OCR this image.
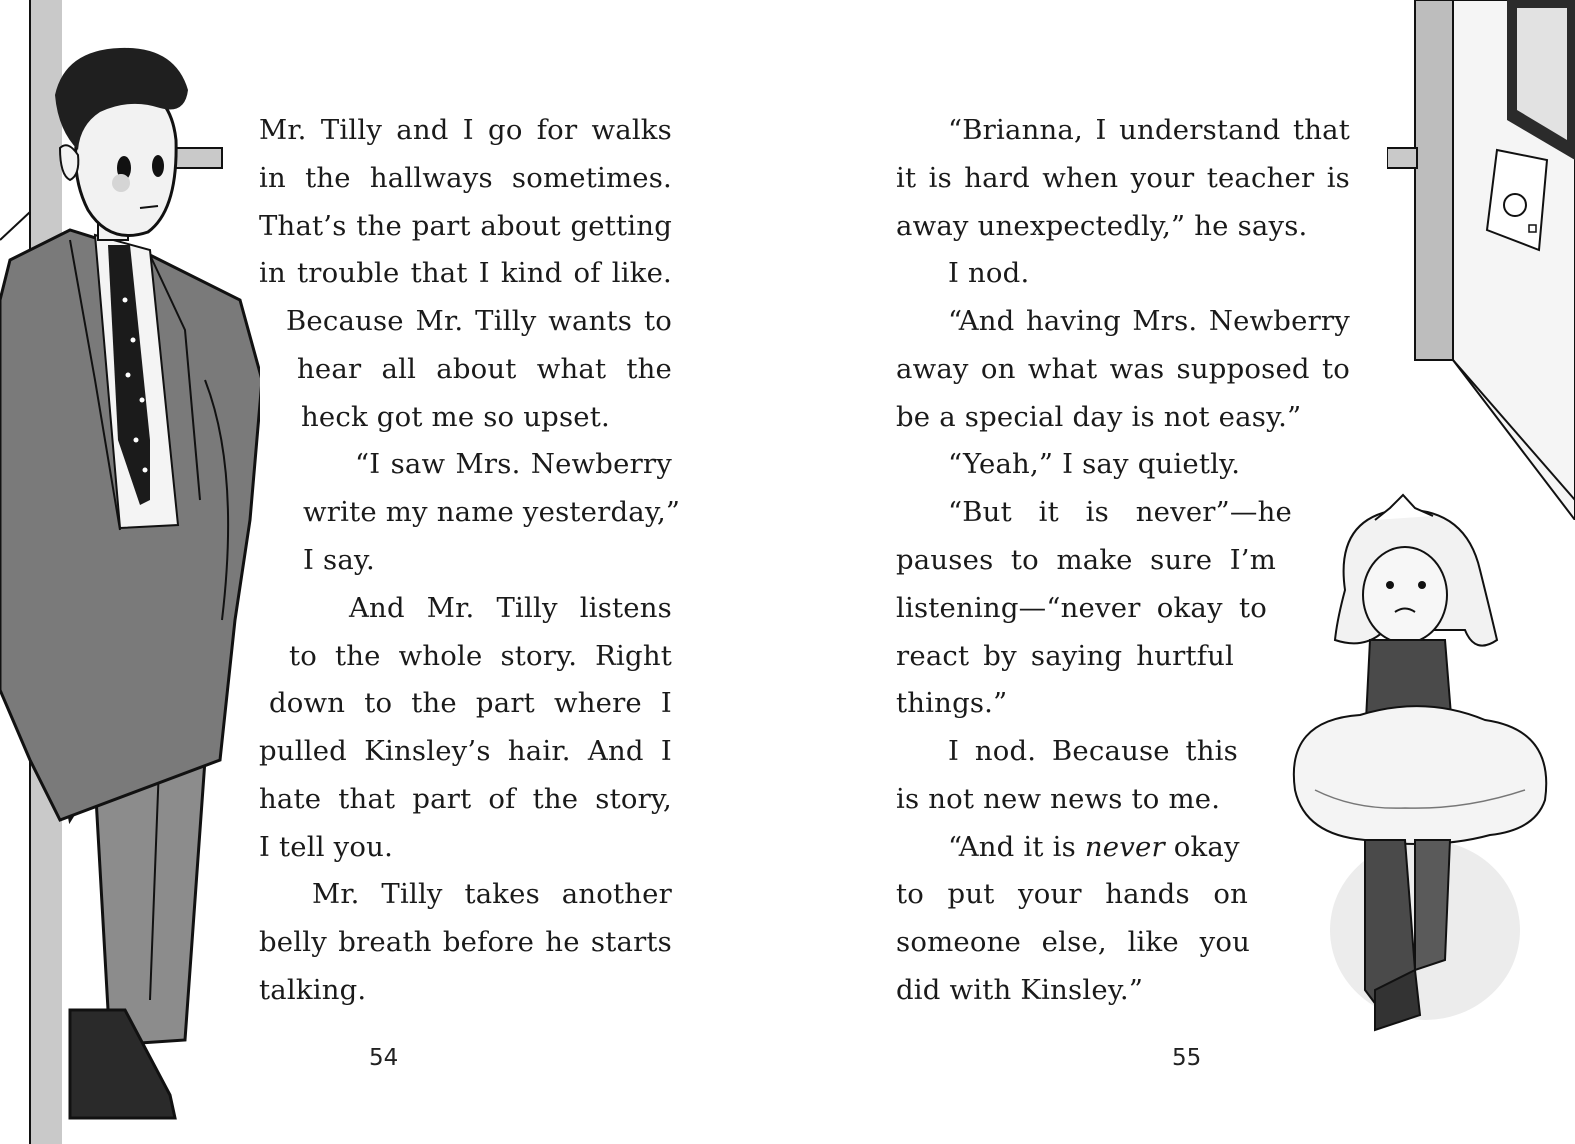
Mr. Tilly and I go for walks
in the hallways sometimes.
That’s the part about getting
in trouble that I kind of like.
Because Mr. Tilly wants to
hear all about what the
heck got me so upset.
“I saw Mrs. Newberry
write my name yesterday,”
I say.
And Mr. Tilly listens
to the whole story. Right
down to the part where I
pulled Kinsley’s hair. And I
hate that part of the story,
I tell you.
Mr. Tilly takes another
belly breath before he starts
talking.
54
“Brianna, I understand that
it is hard when your teacher is
away unexpectedly,” he says.
I nod.
“And having Mrs. Newberry
away on what was supposed to
be a special day is not easy.”
“Yeah,” I say quietly.
“But it is never”—he
pauses to make sure I’m
listening—“never okay to
react by saying hurtful
things.”
I nod. Because this
is not new news to me.
“And it is never okay
to put your hands on
someone else, like you
did with Kinsley.”
55
